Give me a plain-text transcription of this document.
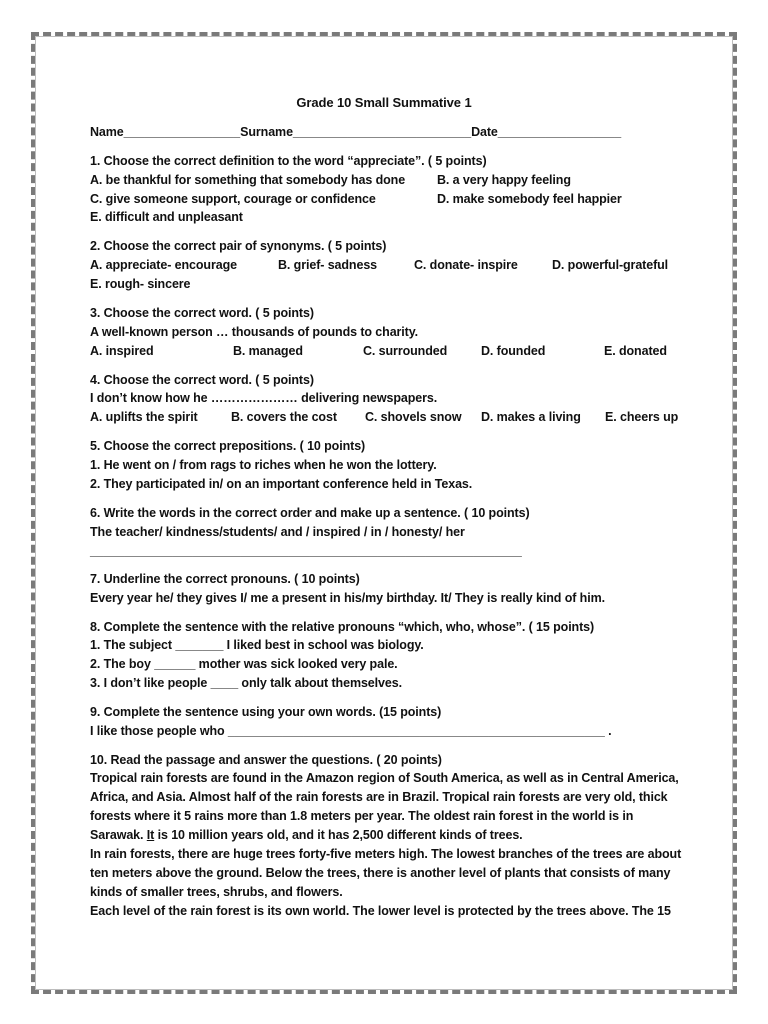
Grade 10 Small Summative 1
Name_________________Surname__________________________Date__________________
1. Choose the correct definition to the word “appreciate”. ( 5 points)
A. be thankful for something that somebody has done	B. a very happy feeling
C. give someone support, courage or confidence	D. make somebody feel happier
E. difficult and unpleasant
2. Choose the correct pair of synonyms. ( 5 points)
A. appreciate- encourage	B. grief- sadness	C. donate- inspire	D. powerful-grateful
E. rough- sincere
3. Choose the correct word. ( 5 points)
A well-known person … thousands of pounds to charity.
A. inspired	B. managed	C. surrounded	D. founded	E. donated
4. Choose the correct word. ( 5 points)
I don’t know how he ………………… delivering newspapers.
A. uplifts the spirit	B. covers the cost C. shovels snow D. makes a living E. cheers up
5. Choose the correct prepositions. ( 10 points)
1. He went on / from rags to riches when he won the lottery.
2. They participated in/ on an important conference held in Texas.
6. Write the words in the correct order and make up a sentence. ( 10 points)
The teacher/ kindness/students/ and / inspired / in / honesty/ her
_______________________________________________________________
7. Underline the correct pronouns. ( 10 points)
Every year he/ they gives I/ me a present in his/my birthday. It/ They is really kind of him.
8. Complete the sentence with the relative pronouns “which, who, whose”. ( 15 points)
1. The subject _______ I liked best in school was biology.
2. The boy ______ mother was sick looked very pale.
3. I don’t like people ____ only talk about themselves.
9. Complete the sentence using your own words. (15 points)
I like those people who _______________________________________________________ .
10. Read the passage and answer the questions. ( 20 points)
Tropical rain forests are found in the Amazon region of South America, as well as in Central America,
Africa, and Asia. Almost half of the rain forests are in Brazil. Tropical rain forests are very old, thick
forests where it 5 rains more than 1.8 meters per year. The oldest rain forest in the world is in
Sarawak. It is 10 million years old, and it has 2,500 different kinds of trees.
In rain forests, there are huge trees forty-five meters high. The lowest branches of the trees are about
ten meters above the ground. Below the trees, there is another level of plants that consists of many
kinds of smaller trees, shrubs, and flowers.
Each level of the rain forest is its own world. The lower level is protected by the trees above. The 15
